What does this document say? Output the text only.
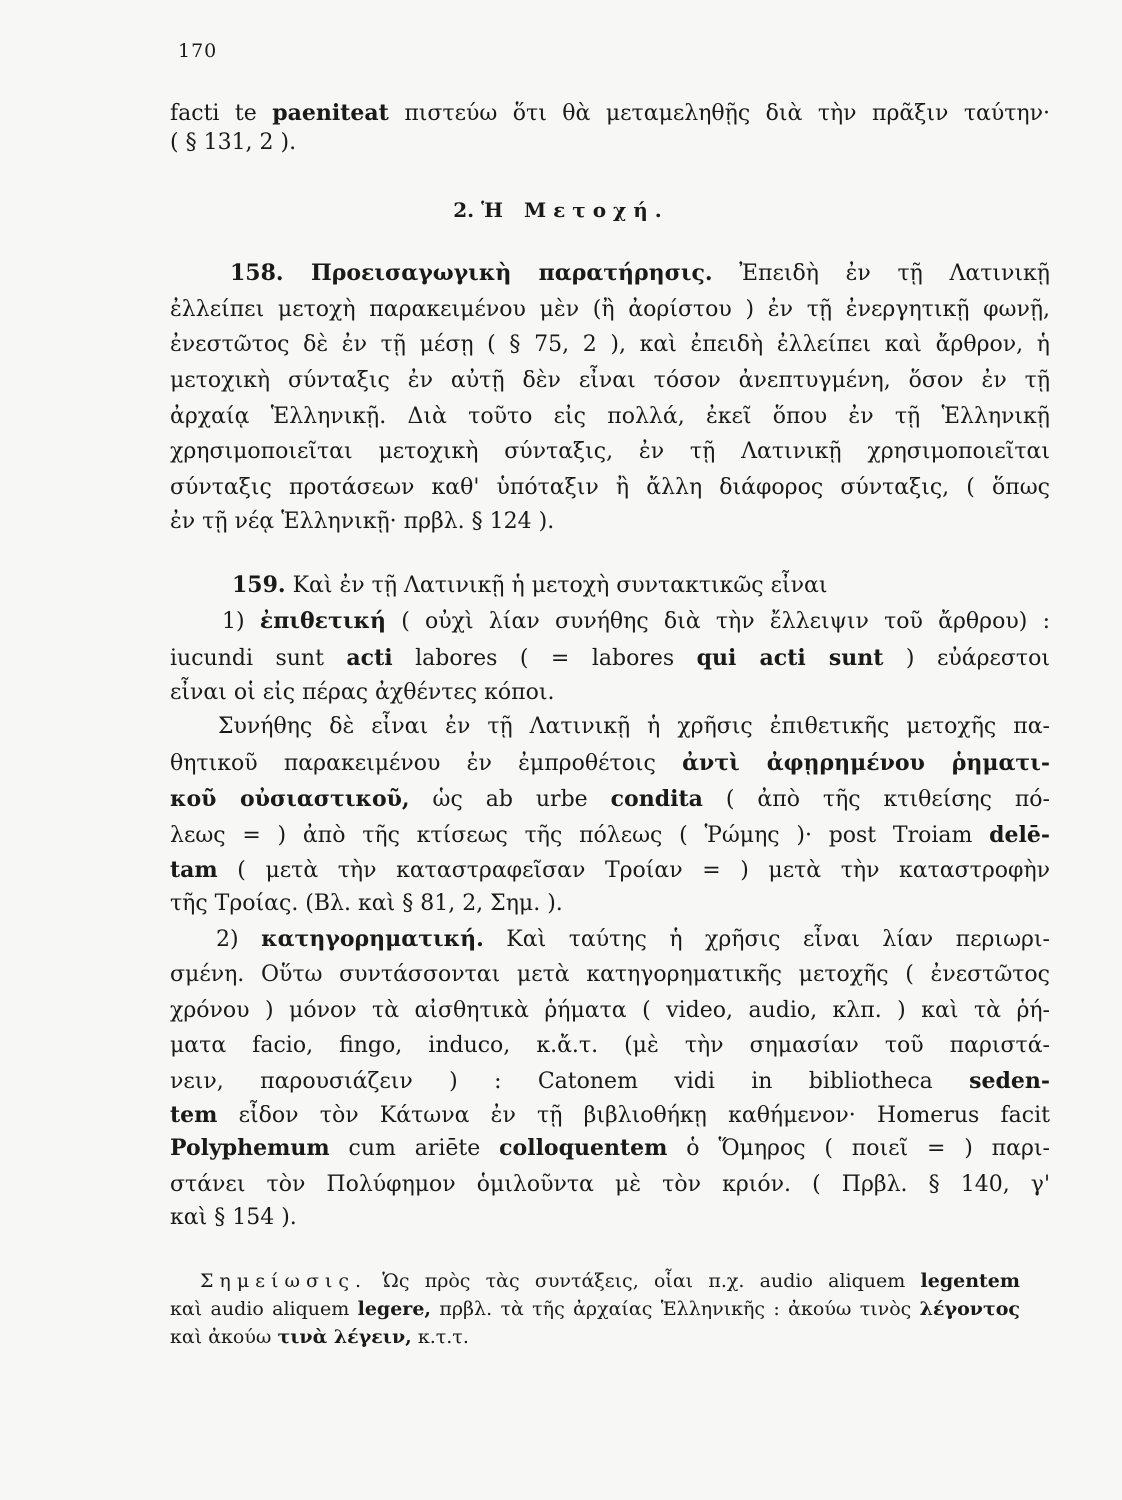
170
facti te paeniteat πιστεύω ὅτι θὰ μεταμεληθῇς διὰ τὴν πρᾶξιν ταύτην·
( § 131, 2 ).
2. Ἡ Μετοχή.
158. Προεισαγωγικὴ παρατήρησις. Ἐπειδὴ ἐν τῇ Λατινικῇ
ἐλλείπει μετοχὴ παρακειμένου μὲν (ἢ ἀορίστου ) ἐν τῇ ἐνεργητικῇ φωνῇ,
ἐνεστῶτος δὲ ἐν τῇ μέσῃ ( § 75, 2 ), καὶ ἐπειδὴ ἐλλείπει καὶ ἄρθρον, ἡ
μετοχικὴ σύνταξις ἐν αὐτῇ δὲν εἶναι τόσον ἀνεπτυγμένη, ὅσον ἐν τῇ
ἀρχαίᾳ Ἑλληνικῇ. Διὰ τοῦτο εἰς πολλά, ἐκεῖ ὅπου ἐν τῇ Ἑλληνικῇ
χρησιμοποιεῖται μετοχικὴ σύνταξις, ἐν τῇ Λατινικῇ χρησιμοποιεῖται
σύνταξις προτάσεων καθ' ὑπόταξιν ἢ ἄλλη διάφορος σύνταξις, ( ὅπως
ἐν τῇ νέᾳ Ἑλληνικῇ· πρβλ. § 124 ).
159. Καὶ ἐν τῇ Λατινικῇ ἡ μετοχὴ συντακτικῶς εἶναι
1) ἐπιθετική ( οὐχὶ λίαν συνήθης διὰ τὴν ἔλλειψιν τοῦ ἄρθρου) :
iucundi sunt acti labores ( = labores qui acti sunt ) εὐάρεστοι
εἶναι οἱ εἰς πέρας ἀχθέντες κόποι.
Συνήθης δὲ εἶναι ἐν τῇ Λατινικῇ ἡ χρῆσις ἐπιθετικῆς μετοχῆς πα-
θητικοῦ παρακειμένου ἐν ἐμπροθέτοις ἀντὶ ἀφῃρημένου ῥηματι-
κοῦ οὐσιαστικοῦ, ὡς ab urbe condita ( ἀπὸ τῆς κτιθείσης πό-
λεως = ) ἀπὸ τῆς κτίσεως τῆς πόλεως ( Ῥώμης )· post Troiam delē-
tam ( μετὰ τὴν καταστραφεῖσαν Τροίαν = ) μετὰ τὴν καταστροφὴν
τῆς Τροίας. (Βλ. καὶ § 81, 2, Σημ. ).
2) κατηγορηματική. Καὶ ταύτης ἡ χρῆσις εἶναι λίαν περιωρι-
σμένη. Οὕτω συντάσσονται μετὰ κατηγορηματικῆς μετοχῆς ( ἐνεστῶτος
χρόνου ) μόνον τὰ αἰσθητικὰ ῥήματα ( video, audio, κλπ. ) καὶ τὰ ῥή-
ματα facio, fingo, induco, κ.ἄ.τ. (μὲ τὴν σημασίαν τοῦ παριστά-
νειν, παρουσιάζειν ) : Catonem vidi in bibliotheca seden-
tem εἶδον τὸν Κάτωνα ἐν τῇ βιβλιοθήκῃ καθήμενον· Homerus facit
Polyphemum cum ariēte colloquentem ὁ Ὅμηρος ( ποιεῖ = ) παρι-
στάνει τὸν Πολύφημον ὁμιλοῦντα μὲ τὸν κριόν. ( Πρβλ. § 140, γ'
καὶ § 154 ).
Σημείωσις. Ὡς πρὸς τὰς συντάξεις, οἷαι π.χ. audio aliquem legentem
καὶ audio aliquem legere, πρβλ. τὰ τῆς ἀρχαίας Ἑλληνικῆς : ἀκούω τινὸς λέγοντος
καὶ ἀκούω τινὰ λέγειν, κ.τ.τ.
